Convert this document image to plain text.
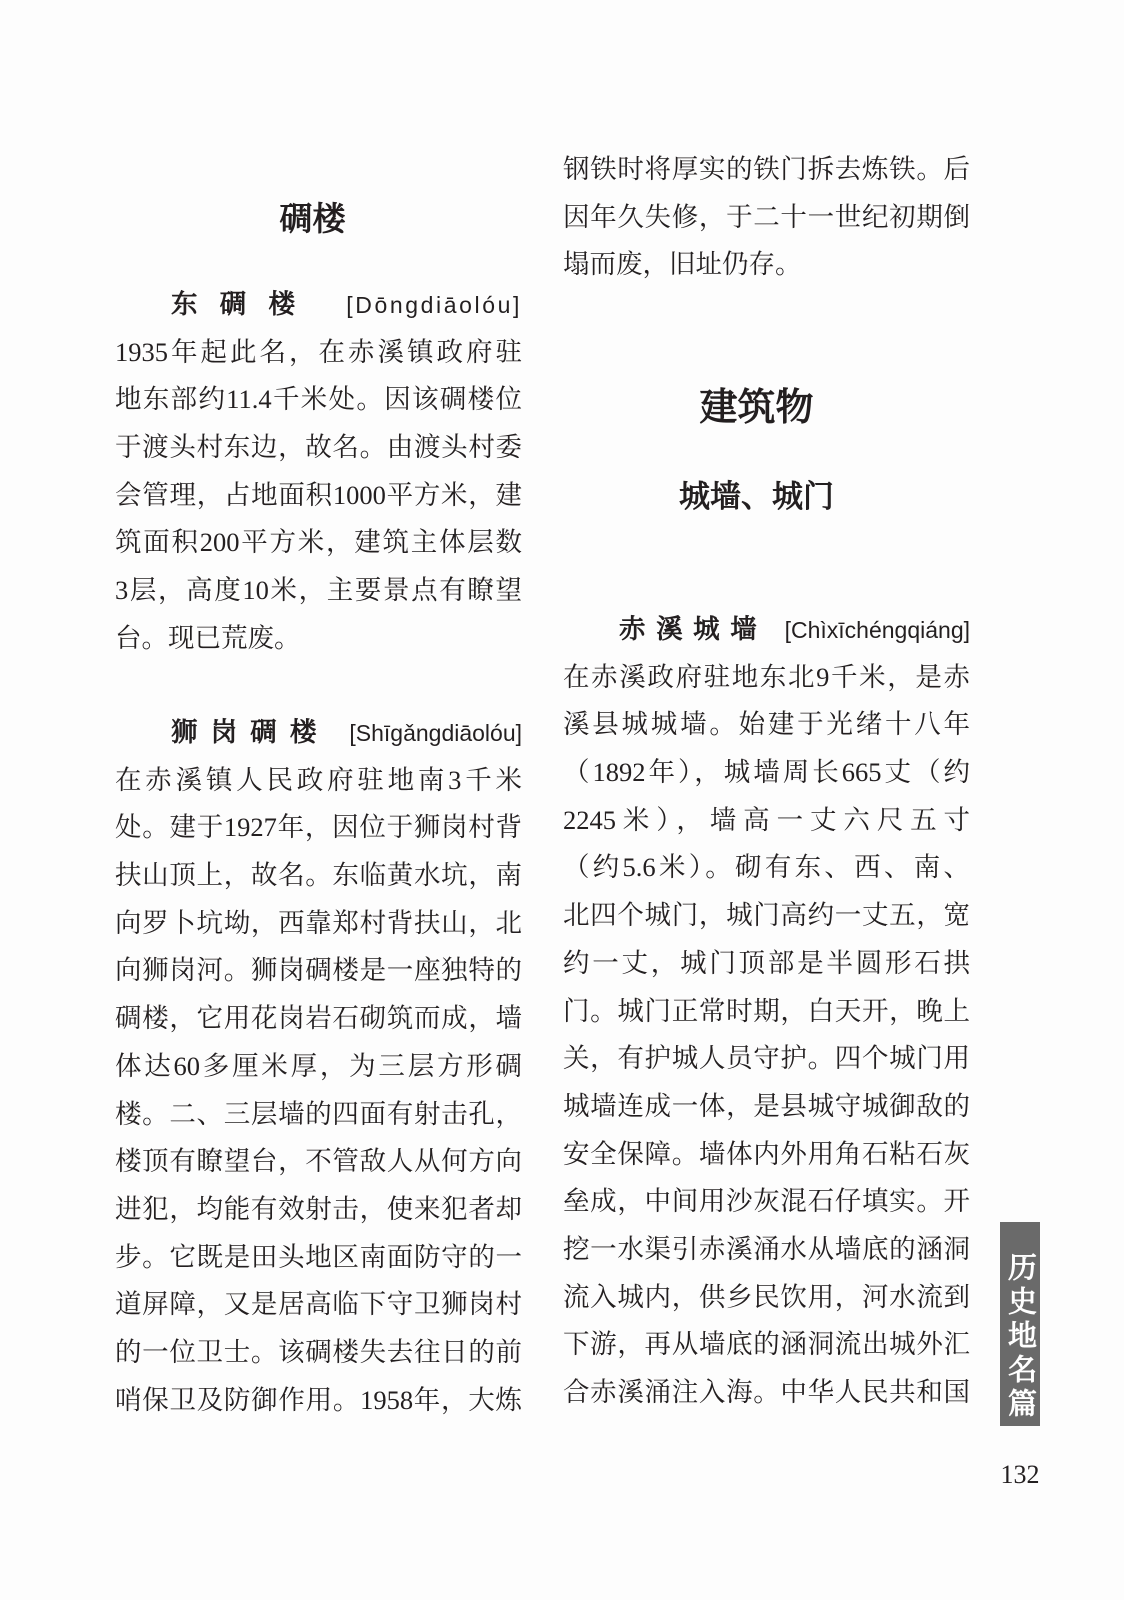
碉楼
东碉楼 [Dōngdiāolóu]
1935年起此名，在赤溪镇政府驻
地东部约11.4千米处。因该碉楼位
于渡头村东边，故名。由渡头村委
会管理，占地面积1000平方米，建
筑面积200平方米，建筑主体层数
3层，高度10米，主要景点有瞭望
台。现已荒废。
狮岗碉楼 [Shīgǎngdiāolóu]
在赤溪镇人民政府驻地南3千米
处。建于1927年，因位于狮岗村背
扶山顶上，故名。东临黄水坑，南
向罗卜坑坳，西靠郑村背扶山，北
向狮岗河。狮岗碉楼是一座独特的
碉楼，它用花岗岩石砌筑而成，墙
体达60多厘米厚，为三层方形碉
楼。二、三层墙的四面有射击孔，
楼顶有瞭望台，不管敌人从何方向
进犯，均能有效射击，使来犯者却
步。它既是田头地区南面防守的一
道屏障，又是居高临下守卫狮岗村
的一位卫士。该碉楼失去往日的前
哨保卫及防御作用。1958年，大炼
钢铁时将厚实的铁门拆去炼铁。后
因年久失修，于二十一世纪初期倒
塌而废，旧址仍存。
建筑物
城墙、城门
赤溪城墙 [Chìxīchéngqiáng]
在赤溪政府驻地东北9千米，是赤
溪县城城墙。始建于光绪十八年
（1892年），城墙周长665丈（约
2245米），墙高一丈六尺五寸
（约5.6米）。砌有东、西、南、
北四个城门，城门高约一丈五，宽
约一丈，城门顶部是半圆形石拱
门。城门正常时期，白天开，晚上
关，有护城人员守护。四个城门用
城墙连成一体，是县城守城御敌的
安全保障。墙体内外用角石粘石灰
垒成，中间用沙灰混石仔填实。开
挖一水渠引赤溪涌水从墙底的涵洞
流入城内，供乡民饮用，河水流到
下游，再从墙底的涵洞流出城外汇
合赤溪涌注入海。中华人民共和国 历史地名篇
132
